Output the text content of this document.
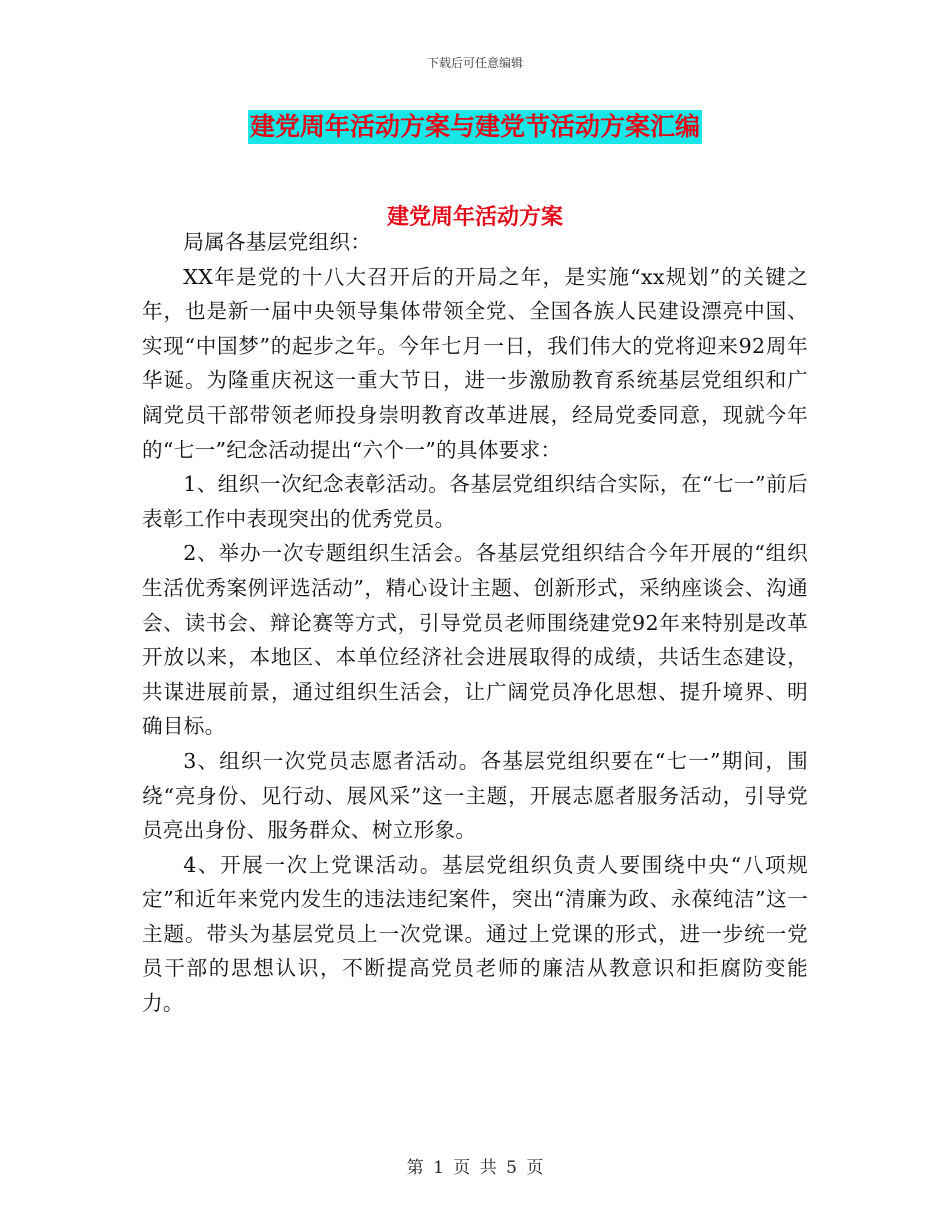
下载后可任意编辑
建党周年活动方案与建党节活动方案汇编
建党周年活动方案

局属各基层党组织：

XX年是党的十八大召开后的开局之年，是实施“xx规划”的关键之年，也是新一届中央领导集体带领全党、全国各族人民建设漂亮中国、实现“中国梦”的起步之年。今年七月一日，我们伟大的党将迎来92周年华诞。为隆重庆祝这一重大节日，进一步激励教育系统基层党组织和广阔党员干部带领老师投身崇明教育改革进展，经局党委同意，现就今年的“七一”纪念活动提出“六个一”的具体要求：

1、组织一次纪念表彰活动。各基层党组织结合实际，在“七一”前后表彰工作中表现突出的优秀党员。

2、举办一次专题组织生活会。各基层党组织结合今年开展的“组织生活优秀案例评选活动”，精心设计主题、创新形式，采纳座谈会、沟通会、读书会、辩论赛等方式，引导党员老师围绕建党92年来特别是改革开放以来，本地区、本单位经济社会进展取得的成绩，共话生态建设，共谋进展前景，通过组织生活会，让广阔党员净化思想、提升境界、明确目标。

3、组织一次党员志愿者活动。各基层党组织要在“七一”期间，围绕“亮身份、见行动、展风采”这一主题，开展志愿者服务活动，引导党员亮出身份、服务群众、树立形象。

4、开展一次上党课活动。基层党组织负责人要围绕中央“八项规定”和近年来党内发生的违法违纪案件，突出“清廉为政、永葆纯洁”这一主题。带头为基层党员上一次党课。通过上党课的形式，进一步统一党员干部的思想认识，不断提高党员老师的廉洁从教意识和拒腐防变能力。

第 1 页 共 5 页
